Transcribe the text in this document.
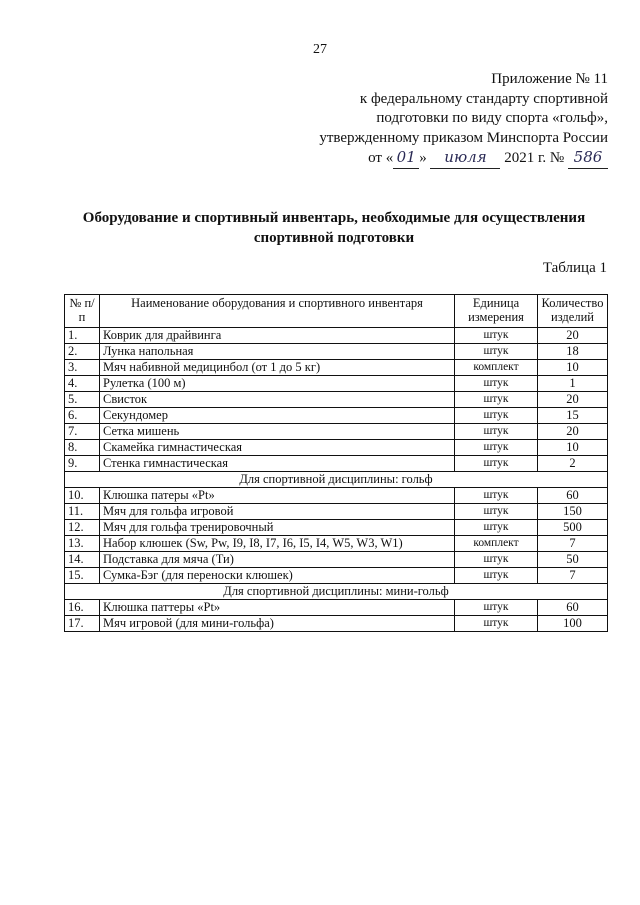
27
Приложение № 11
к федеральному стандарту спортивной
подготовки по виду спорта «гольф»,
утвержденному приказом Минспорта России
от « 01 » июля 2021 г. № 586
Оборудование и спортивный инвентарь, необходимые для осуществления спортивной подготовки
Таблица 1
№ п/п	Наименование оборудования и спортивного инвентаря	Единица измерения	Количество изделий
1.	Коврик для драйвинга	штук	20
2.	Лунка напольная	штук	18
3.	Мяч набивной медицинбол (от 1 до 5 кг)	комплект	10
4.	Рулетка (100 м)	штук	1
5.	Свисток	штук	20
6.	Секундомер	штук	15
7.	Сетка мишень	штук	20
8.	Скамейка гимнастическая	штук	10
9.	Стенка гимнастическая	штук	2
Для спортивной дисциплины: гольф			
10.	Клюшка патеры «Pt»	штук	60
11.	Мяч для гольфа игровой	штук	150
12.	Мяч для гольфа тренировочный	штук	500
13.	Набор клюшек (Sw, Pw, I9, I8, I7, I6, I5, I4, W5, W3, W1)	комплект	7
14.	Подставка для мяча (Ти)	штук	50
15.	Сумка-Бэг (для переноски клюшек)	штук	7
Для спортивной дисциплины: мини-гольф			
16.	Клюшка паттеры «Pt»	штук	60
17.	Мяч игровой (для мини-гольфа)	штук	100
